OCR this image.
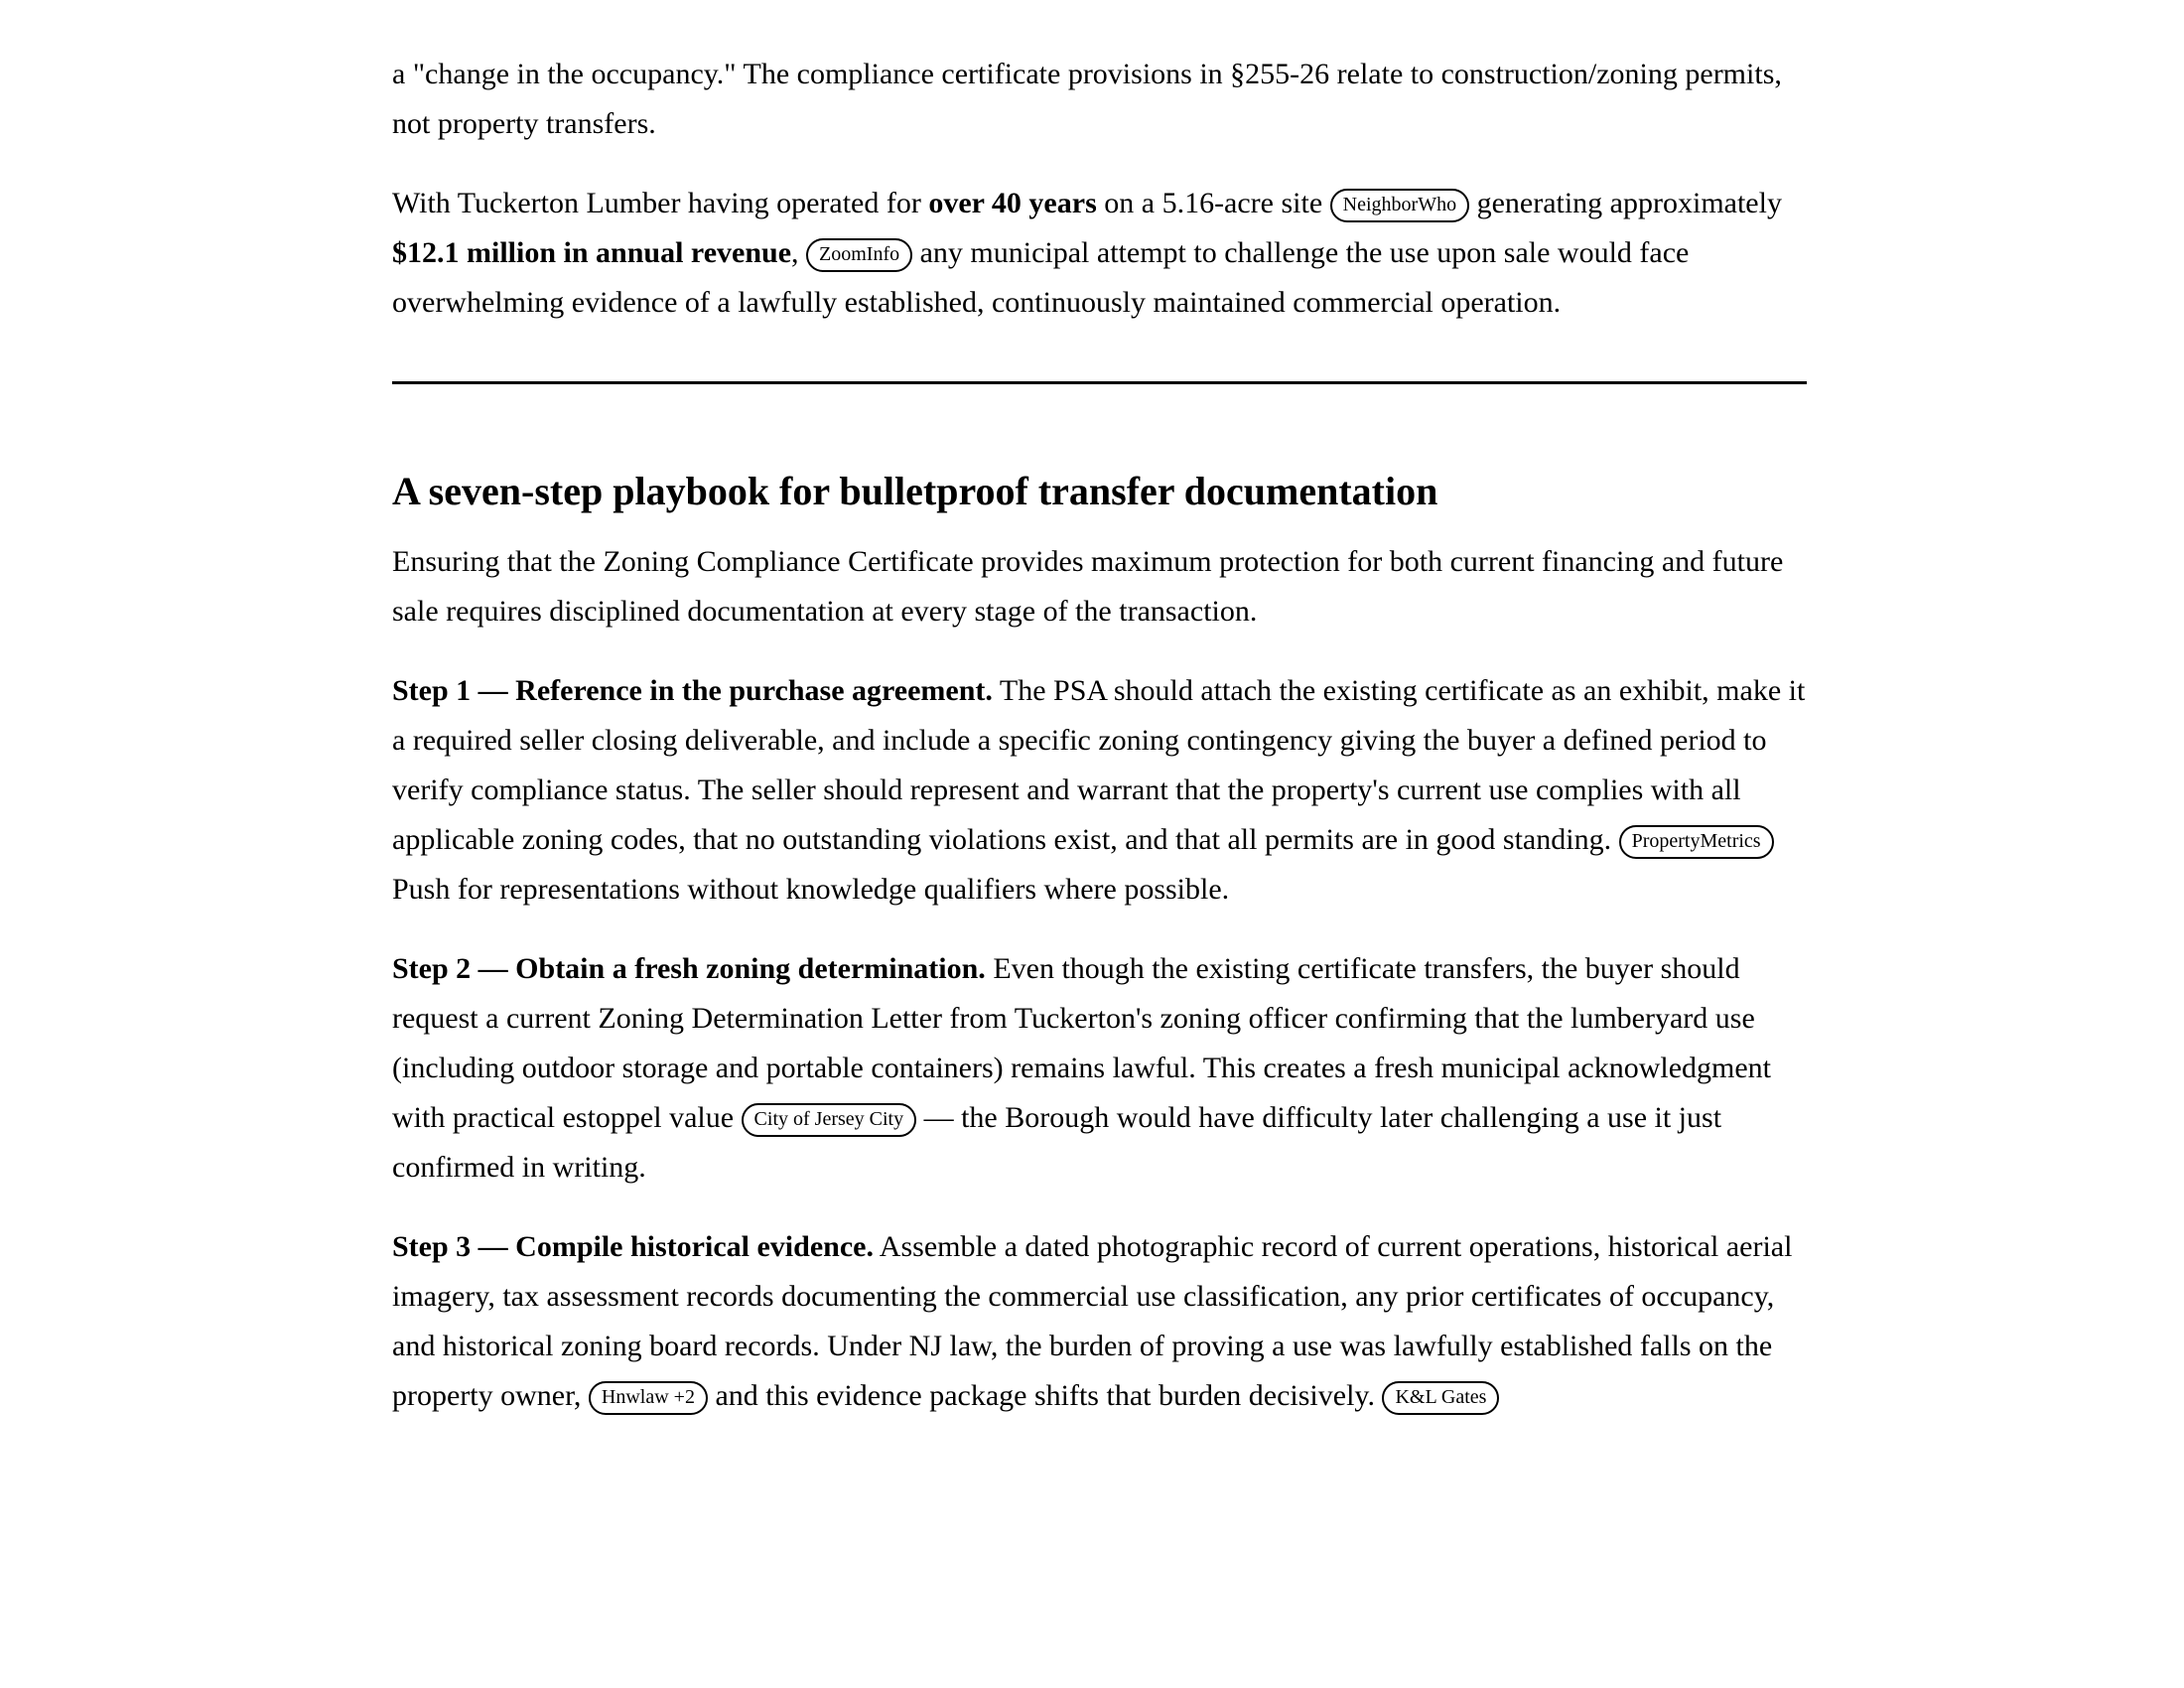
a "change in the occupancy." The compliance certificate provisions in §255-26 relate to construction/zoning permits, not property transfers.

With Tuckerton Lumber having operated for over 40 years on a 5.16-acre site NeighborWho generating approximately $12.1 million in annual revenue, ZoomInfo any municipal attempt to challenge the use upon sale would face overwhelming evidence of a lawfully established, continuously maintained commercial operation.

A seven-step playbook for bulletproof transfer documentation

Ensuring that the Zoning Compliance Certificate provides maximum protection for both current financing and future sale requires disciplined documentation at every stage of the transaction.

Step 1 — Reference in the purchase agreement. The PSA should attach the existing certificate as an exhibit, make it a required seller closing deliverable, and include a specific zoning contingency giving the buyer a defined period to verify compliance status. The seller should represent and warrant that the property's current use complies with all applicable zoning codes, that no outstanding violations exist, and that all permits are in good standing. PropertyMetrics Push for representations without knowledge qualifiers where possible.

Step 2 — Obtain a fresh zoning determination. Even though the existing certificate transfers, the buyer should request a current Zoning Determination Letter from Tuckerton's zoning officer confirming that the lumberyard use (including outdoor storage and portable containers) remains lawful. This creates a fresh municipal acknowledgment with practical estoppel value City of Jersey City — the Borough would have difficulty later challenging a use it just confirmed in writing.

Step 3 — Compile historical evidence. Assemble a dated photographic record of current operations, historical aerial imagery, tax assessment records documenting the commercial use classification, any prior certificates of occupancy, and historical zoning board records. Under NJ law, the burden of proving a use was lawfully established falls on the property owner, Hnwlaw +2 and this evidence package shifts that burden decisively. K&L Gates
